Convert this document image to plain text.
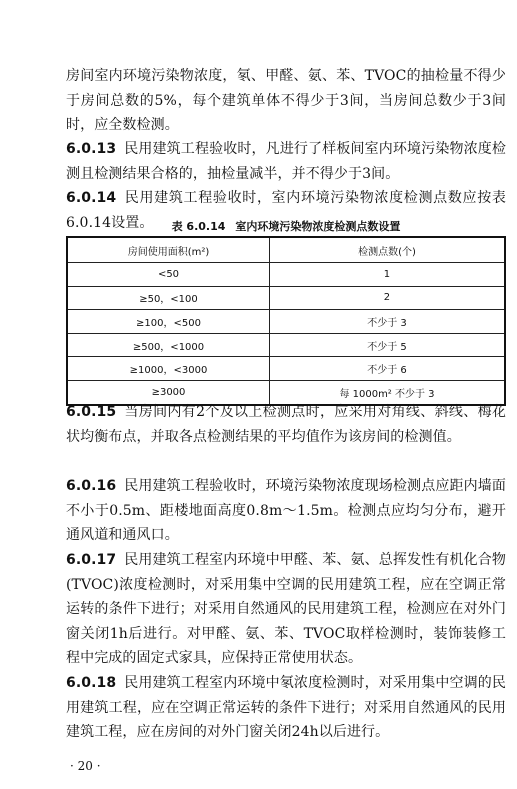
房间室内环境污染物浓度，氡、甲醛、氨、苯、TVOC的抽检量不得少于房间总数的5%，每个建筑单体不得少于3间，当房间总数少于3间时，应全数检测。
6.0.13 民用建筑工程验收时，凡进行了样板间室内环境污染物浓度检测且检测结果合格的，抽检量减半，并不得少于3间。
6.0.14 民用建筑工程验收时，室内环境污染物浓度检测点数应按表6.0.14设置。	表 6.0.14 室内环境污染物浓度检测点数设置
房间使用面积(m²)	检测点数(个)
<50	1
≥50，<100	2
≥100，<500	不少于 3
≥500，<1000	不少于 5
≥1000，<3000	不少于 6
≥3000	每 1000m² 不少于 3
6.0.15 当房间内有2个及以上检测点时，应采用对角线、斜线、梅花状均衡布点，并取各点检测结果的平均值作为该房间的检测值。
6.0.16 民用建筑工程验收时，环境污染物浓度现场检测点应距内墙面不小于0.5m、距楼地面高度0.8m～1.5m。检测点应均匀分布，避开通风道和通风口。
6.0.17 民用建筑工程室内环境中甲醛、苯、氨、总挥发性有机化合物(TVOC)浓度检测时，对采用集中空调的民用建筑工程，应在空调正常运转的条件下进行；对采用自然通风的民用建筑工程，检测应在对外门窗关闭1h后进行。对甲醛、氨、苯、TVOC取样检测时，装饰装修工程中完成的固定式家具，应保持正常使用状态。
6.0.18 民用建筑工程室内环境中氡浓度检测时，对采用集中空调的民用建筑工程，应在空调正常运转的条件下进行；对采用自然通风的民用建筑工程，应在房间的对外门窗关闭24h以后进行。
· 20 ·
